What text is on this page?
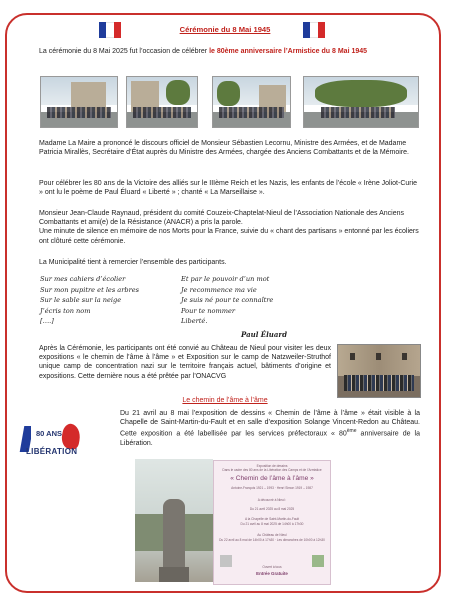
Cérémonie du 8 Mai 1945

La cérémonie du 8 Mai 2025 fut l’occasion de célébrer le 80ème anniversaire l’Armistice du 8 Mai 1945

Madame La Maire a prononcé le discours officiel de Monsieur Sébastien Lecornu, Ministre des Armées, et de Madame Patricia Mirallès, Secrétaire d’État auprès du Ministre des Armées, chargée des Anciens Combattants et de la Mémoire.

Pour célébrer les 80 ans de la Victoire des alliés sur le IIIème Reich et les Nazis, les enfants de l’école « Irène Joliot-Curie » ont lu le poème de Paul Éluard « Liberté » ; chanté « La Marseillaise ».

Monsieur Jean-Claude Raynaud, président du comité Couzeix-Chaptelat-Nieul de l’Association Nationale des Anciens Combattants et ami(e) de la Résistance (ANACR) a pris la parole.
Une minute de silence en mémoire de nos Morts pour la France, suivie du « chant des partisans » entonné par les écoliers ont clôturé cette cérémonie.

La Municipalité tient à remercier l’ensemble des participants.

Sur mes cahiers d’écolier
Sur mon pupitre et les arbres
Sur le sable sur la neige
J’écris ton nom
[….]
Et par le pouvoir d’un mot
Je recommence ma vie
Je suis né pour te connaître
Pour te nommer
Liberté.
Paul Éluard

Après la Cérémonie, les participants ont été convié au Château de Nieul pour visiter les deux expositions « le chemin de l’âme à l’âme » et Exposition sur le camp de Natzweiler-Struthof unique camp de concentration nazi sur le territoire français actuel, bâtiments d’origine et expositions. Cette dernière nous a été prêtée par l’ONACVG

Le chemin de l’âme à l’âme
80 ANS
LIBÉRATION

Du 21 avril au 8 mai l’exposition de dessins « Chemin de l’âme à l’âme » était visible à la Chapelle de Saint-Martin-du-Fault et en salle d’exposition Solange Vincent-Redon au Château. Cette exposition a été labellisée par les services préfectoraux « 80ème anniversaire de la Libération.

Exposition de dessins
Dans le cadre des 80 ans de la Libération des Camps et de l’Armistice
« Chemin de l’âme à l’âme »
Antoine-François 1921 – 1993 · Henri Simon 1919 – 1987
A découvrir à Nieul :
Du 21 avril 2025 au 8 mai 2025
A la Chapelle de Saint-Martin-du-Fault
Du 21 avril au 8 mai 2025 de 14h00 à 17h30
Au Château de Nieul
Du 22 avril au 8 mai de 14h00 à 17h30 · Les dimanches de 10h00 à 12h30
Ouvert à tous
Entrée Gratuite
